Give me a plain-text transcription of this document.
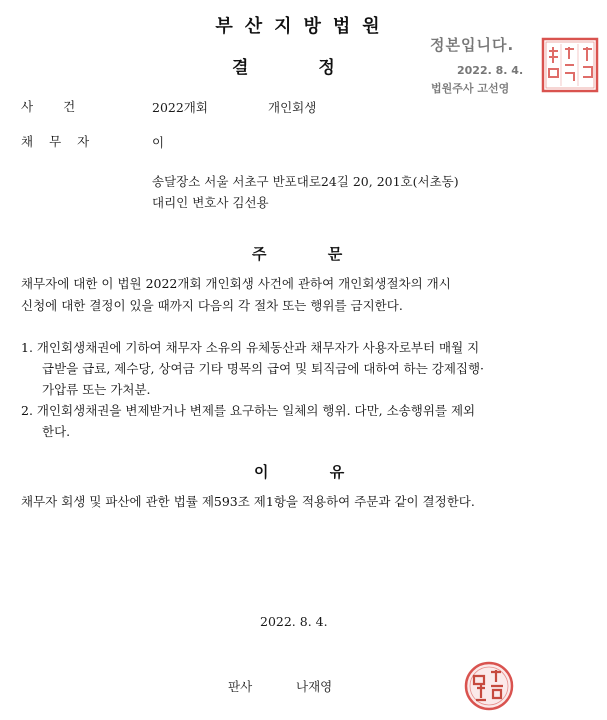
부산지방법원
결 정
정본입니다.
2022. 8. 4.
법원주사 고선영
사건	2022개회	개인회생
채무자	이
송달장소 서울 서초구 반포대로24길 20, 201호(서초동)
대리인 변호사 김선용
주 문
채무자에 대한 이 법원 2022개회 개인회생 사건에 관하여 개인회생절차의 개시
신청에 대한 결정이 있을 때까지 다음의 각 절차 또는 행위를 금지한다.
1. 개인회생채권에 기하여 채무자 소유의 유체동산과 채무자가 사용자로부터 매월 지
급받을 급료, 제수당, 상여금 기타 명목의 급여 및 퇴직금에 대하여 하는 강제집행·
가압류 또는 가처분.
2. 개인회생채권을 변제받거나 변제를 요구하는 일체의 행위. 다만, 소송행위를 제외
한다.
이 유
채무자 회생 및 파산에 관한 법률 제593조 제1항을 적용하여 주문과 같이 결정한다.
2022. 8. 4.
판사	나재영
